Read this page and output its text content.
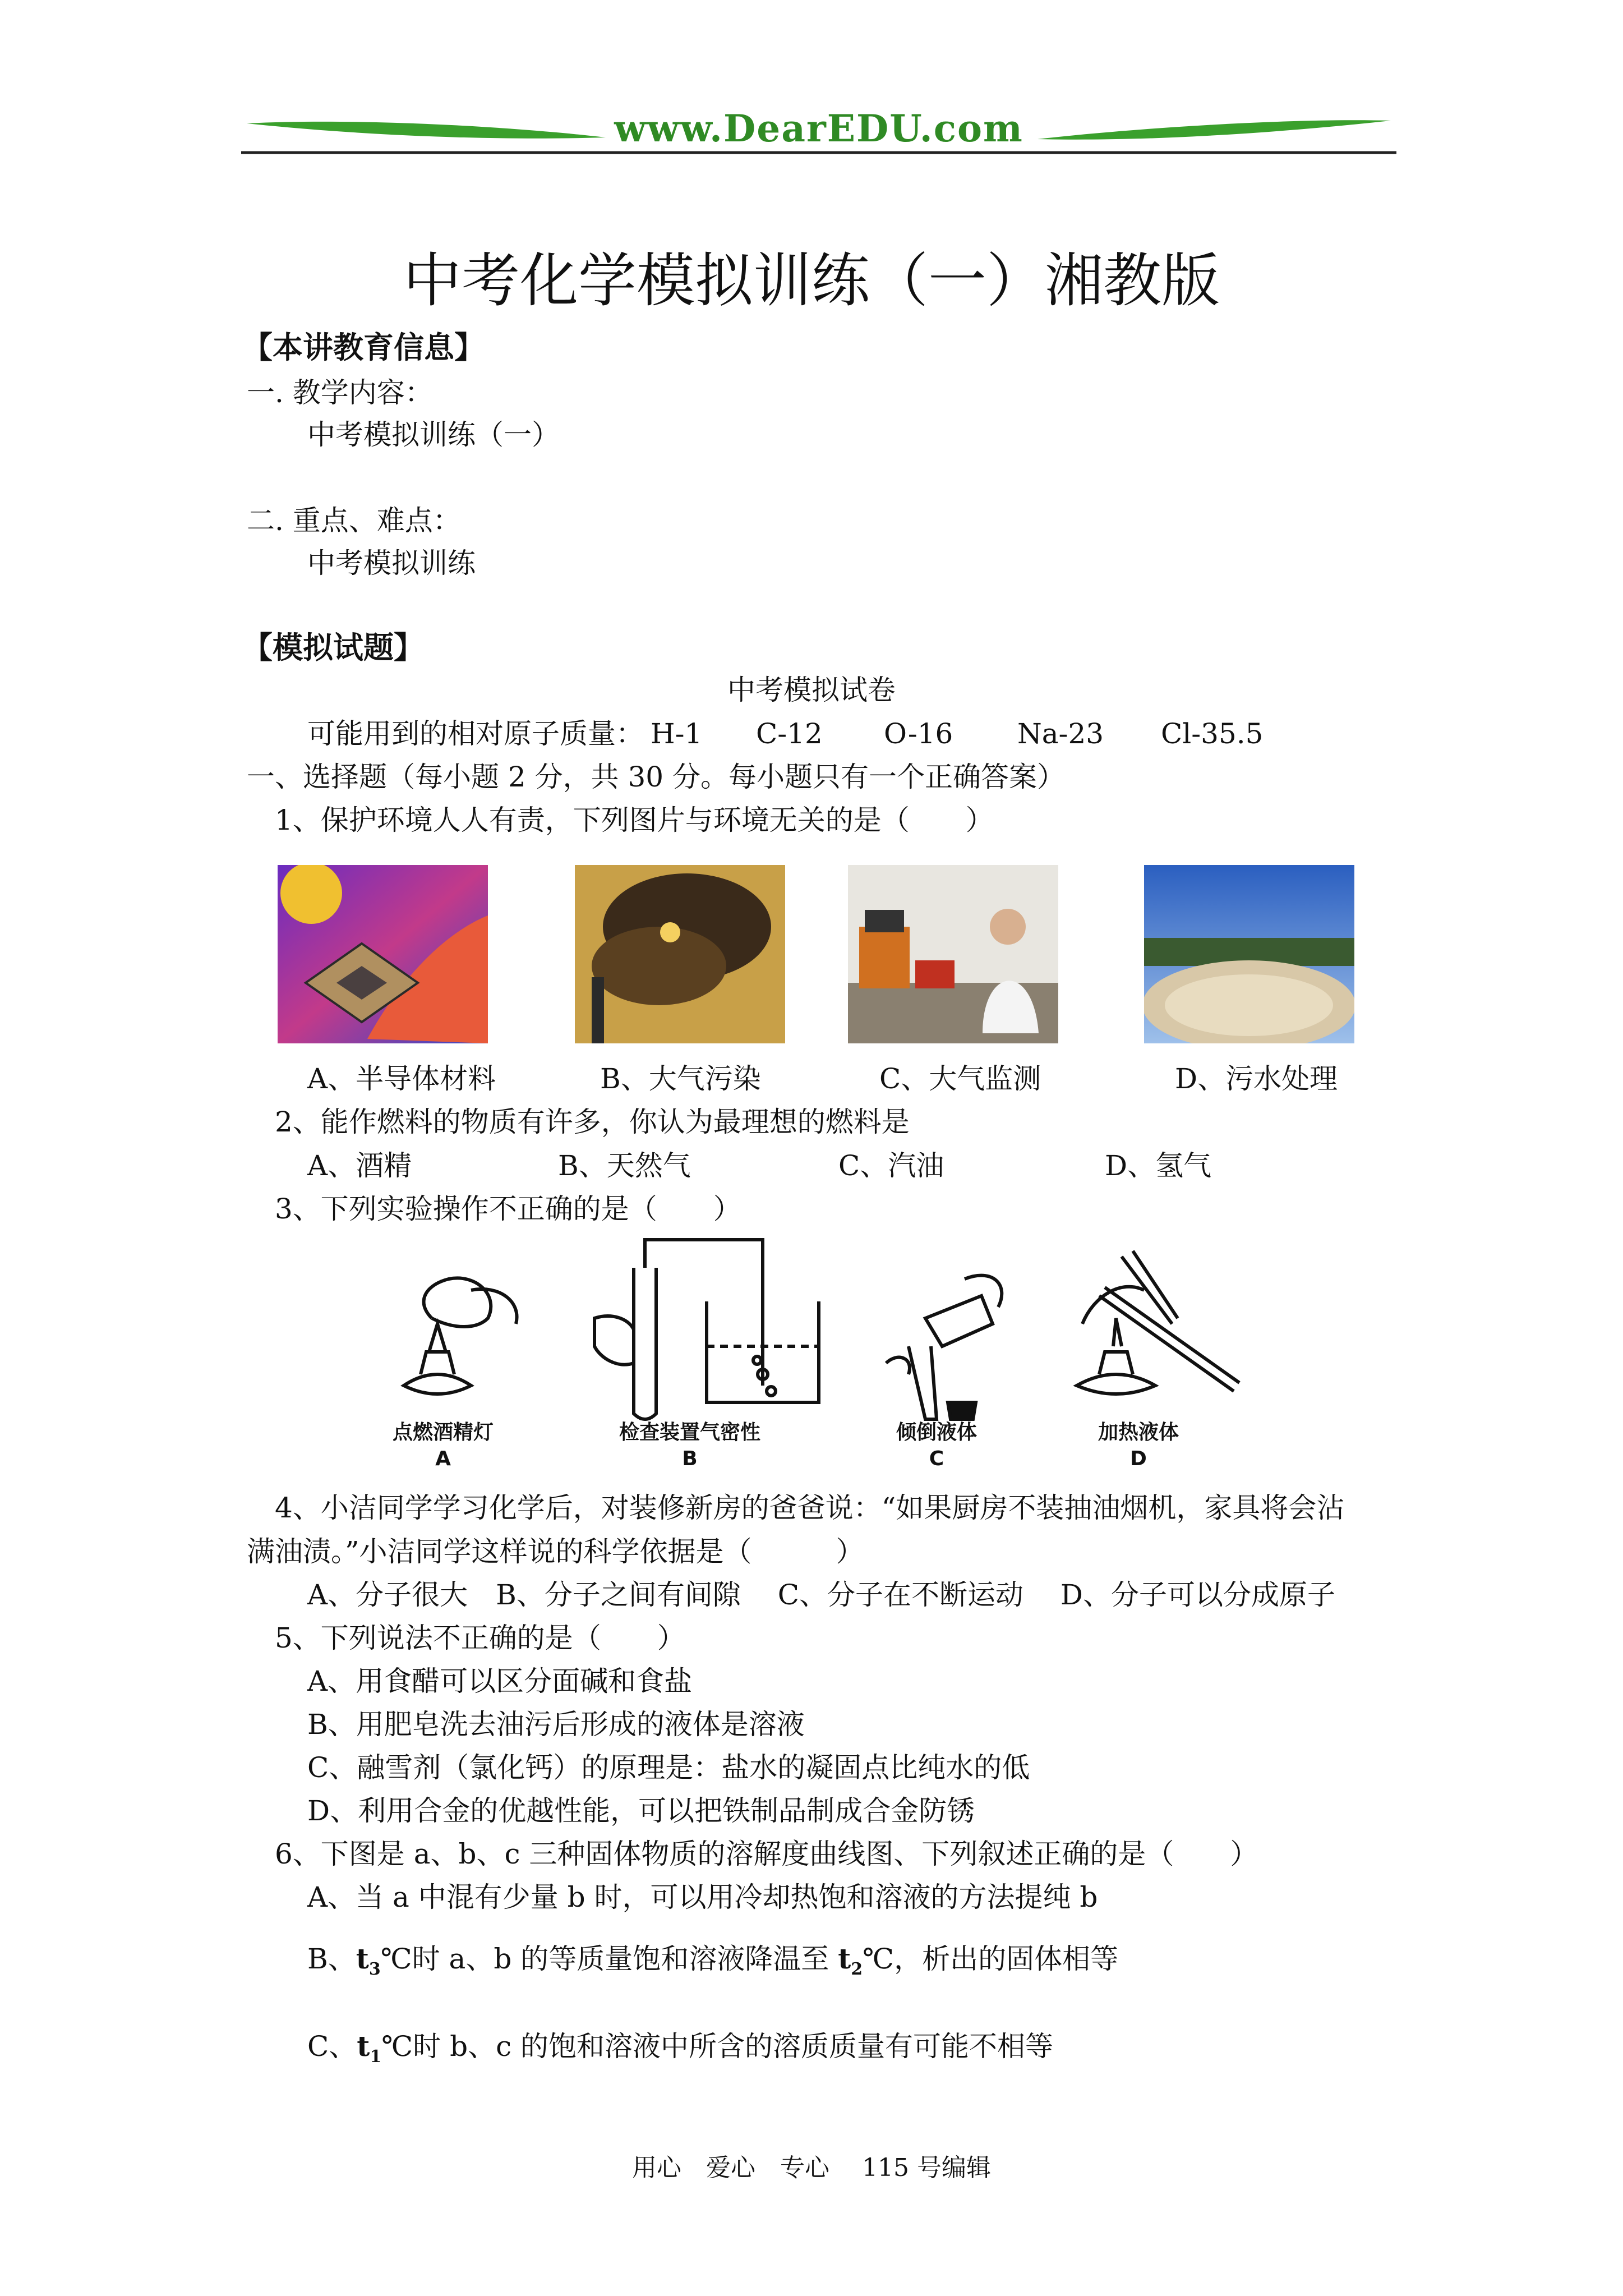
www.DearEDU.com
中考化学模拟训练（一）湘教版
【本讲教育信息】
一. 教学内容：
中考模拟训练（一）
二. 重点、难点：
中考模拟训练
【模拟试题】
中考模拟试卷
可能用到的相对原子质量： H-1 C-12 O-16 Na-23 Cl-35.5
一、选择题（每小题 2 分，共 30 分。每小题只有一个正确答案）
1、保护环境人人有责，下列图片与环境无关的是（　　）
A、半导体材料	B、大气污染	C、大气监测	D、污水处理
2、能作燃料的物质有许多，你认为最理想的燃料是
A、酒精	B、天然气	C、汽油	D、氢气
3、下列实验操作不正确的是（　　）
点燃酒精灯
A
检查装置气密性
B
倾倒液体
C
加热液体
D
4、小洁同学学习化学后，对装修新房的爸爸说：“如果厨房不装抽油烟机，家具将会沾
满油渍。”小洁同学这样说的科学依据是（　　　）
A、分子很大　B、分子之间有间隙　 C、分子在不断运动　 D、分子可以分成原子
5、下列说法不正确的是（　　）
A、用食醋可以区分面碱和食盐
B、用肥皂洗去油污后形成的液体是溶液
C、融雪剂（氯化钙）的原理是：盐水的凝固点比纯水的低
D、利用合金的优越性能，可以把铁制品制成合金防锈
6、下图是 a、b、c 三种固体物质的溶解度曲线图、下列叙述正确的是（　　）
A、当 a 中混有少量 b 时，可以用冷却热饱和溶液的方法提纯 b
B、$t_3℃$时 a、b 的等质量饱和溶液降温至 $t_2℃$，析出的固体相等
C、$t_1℃$时 b、c 的饱和溶液中所含的溶质质量有可能不相等
用心　爱心　专心　 115 号编辑
